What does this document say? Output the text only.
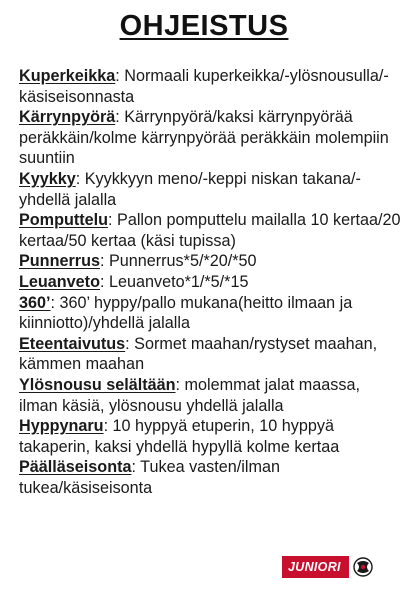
OHJEISTUS

Kuperkeikka: Normaali kuperkeikka/-ylösnousulla/-käsiseisonnasta

Kärrynpyörä: Kärrynpyörä/kaksi kärrynpyörää peräkkäin/kolme kärrynpyörää peräkkäin molempiin suuntiin

Kyykky: Kyykkyyn meno/-keppi niskan takana/-yhdellä jalalla

Pomputtelu: Pallon pomputtelu mailalla 10 kertaa/20 kertaa/50 kertaa (käsi tupissa)

Punnerrus: Punnerrus*5/*20/*50

Leuanveto: Leuanveto*1/*5/*15

360’: 360’ hyppy/pallo mukana(heitto ilmaan ja kiinniotto)/yhdellä jalalla

Eteentaivutus: Sormet maahan/rystyset maahan, kämmen maahan

Ylösnousu selältään: molemmat jalat maassa, ilman käsiä, ylösnousu yhdellä jalalla

Hyppynaru: 10 hyppyä etuperin, 10 hyppyä takaperin, kaksi yhdellä hypyllä kolme kertaa

Päälläseisonta: Tukea vasten/ilman tukea/käsiseisonta

JUNIORI
